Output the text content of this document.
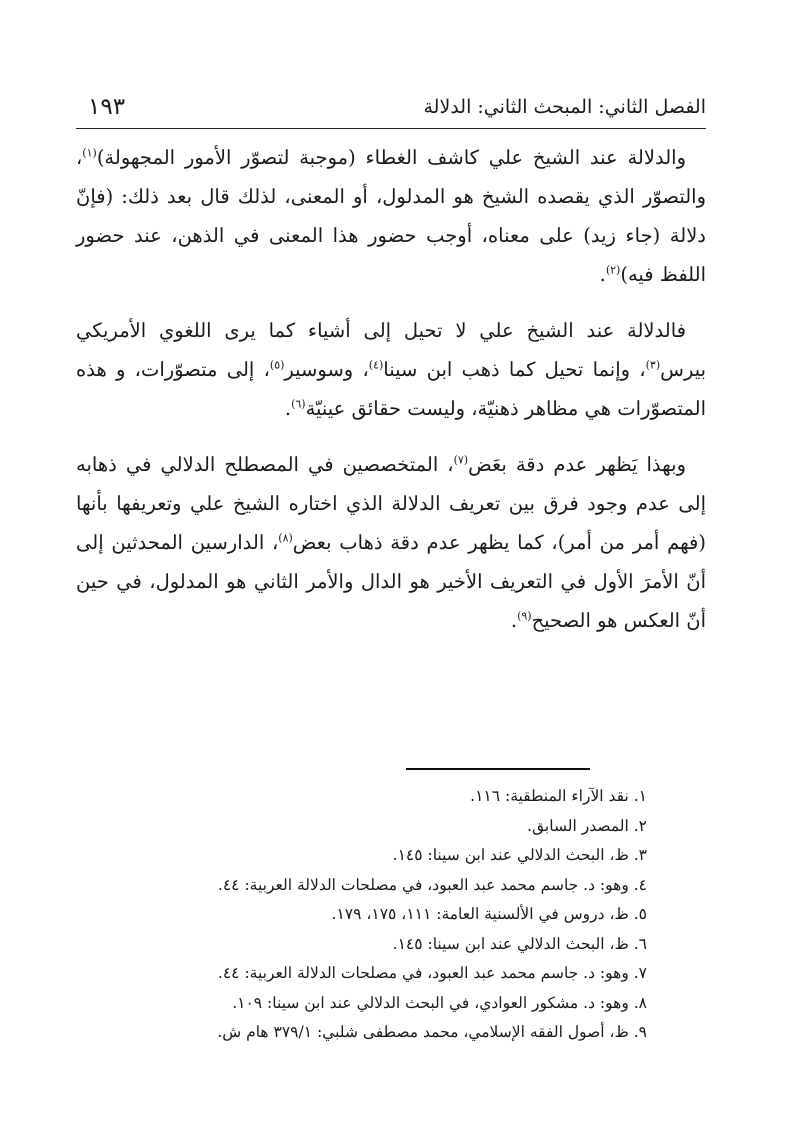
الفصل الثاني: المبحث الثاني: الدلالة
١٩٣

والدلالة عند الشيخ علي كاشف الغطاء (موجبة لتصوّر الأمور المجهولة)$^{(١)}$، والتصوّر الذي يقصده الشيخ هو المدلول، أو المعنى، لذلك قال بعد ذلك: (فإنّ دلالة (جاء زيد) على معناه، أوجب حضور هذا المعنى في الذهن، عند حضور اللفظ فيه)$^{(٢)}$.

فالدلالة عند الشيخ علي لا تحيل إلى أشياء كما يرى اللغوي الأمريكي بيرس$^{(٣)}$، وإنما تحيل كما ذهب ابن سينا$^{(٤)}$، وسوسير$^{(٥)}$، إلى متصوّرات، و هذه المتصوّرات هي مظاهر ذهنيّة، وليست حقائق عينيّة$^{(٦)}$.

وبهذا يَظهر عدم دقة بعَض$^{(٧)}$، المتخصصين في المصطلح الدلالي في ذهابه إلى عدم وجود فرق بين تعريف الدلالة الذي اختاره الشيخ علي وتعريفها بأنها (فهم أمر من أمر)، كما يظهر عدم دقة ذهاب بعض$^{(٨)}$، الدارسين المحدثين إلى أنّ الأمرَ الأول في التعريف الأخير هو الدال والأمر الثاني هو المدلول، في حين أنّ العكس هو الصحيح$^{(٩)}$.

١. نقد الآراء المنطقية: ١١٦.
٢. المصدر السابق.
٣. ظ، البحث الدلالي عند ابن سينا: ١٤٥.
٤. وهو: د. جاسم محمد عبد العبود، في مصلحات الدلالة العربية: ٤٤.
٥. ظ، دروس في الألسنية العامة: ١١١، ١٧٥، ١٧٩.
٦. ظ، البحث الدلالي عند ابن سينا: ١٤٥.
٧. وهو: د. جاسم محمد عبد العبود، في مصلحات الدلالة العربية: ٤٤.
٨. وهو: د. مشكور العوادي، في البحث الدلالي عند ابن سينا: ١٠٩.
٩. ظ، أصول الفقه الإسلامي، محمد مصطفى شلبي: ٣٧٩/١ هام ش.
